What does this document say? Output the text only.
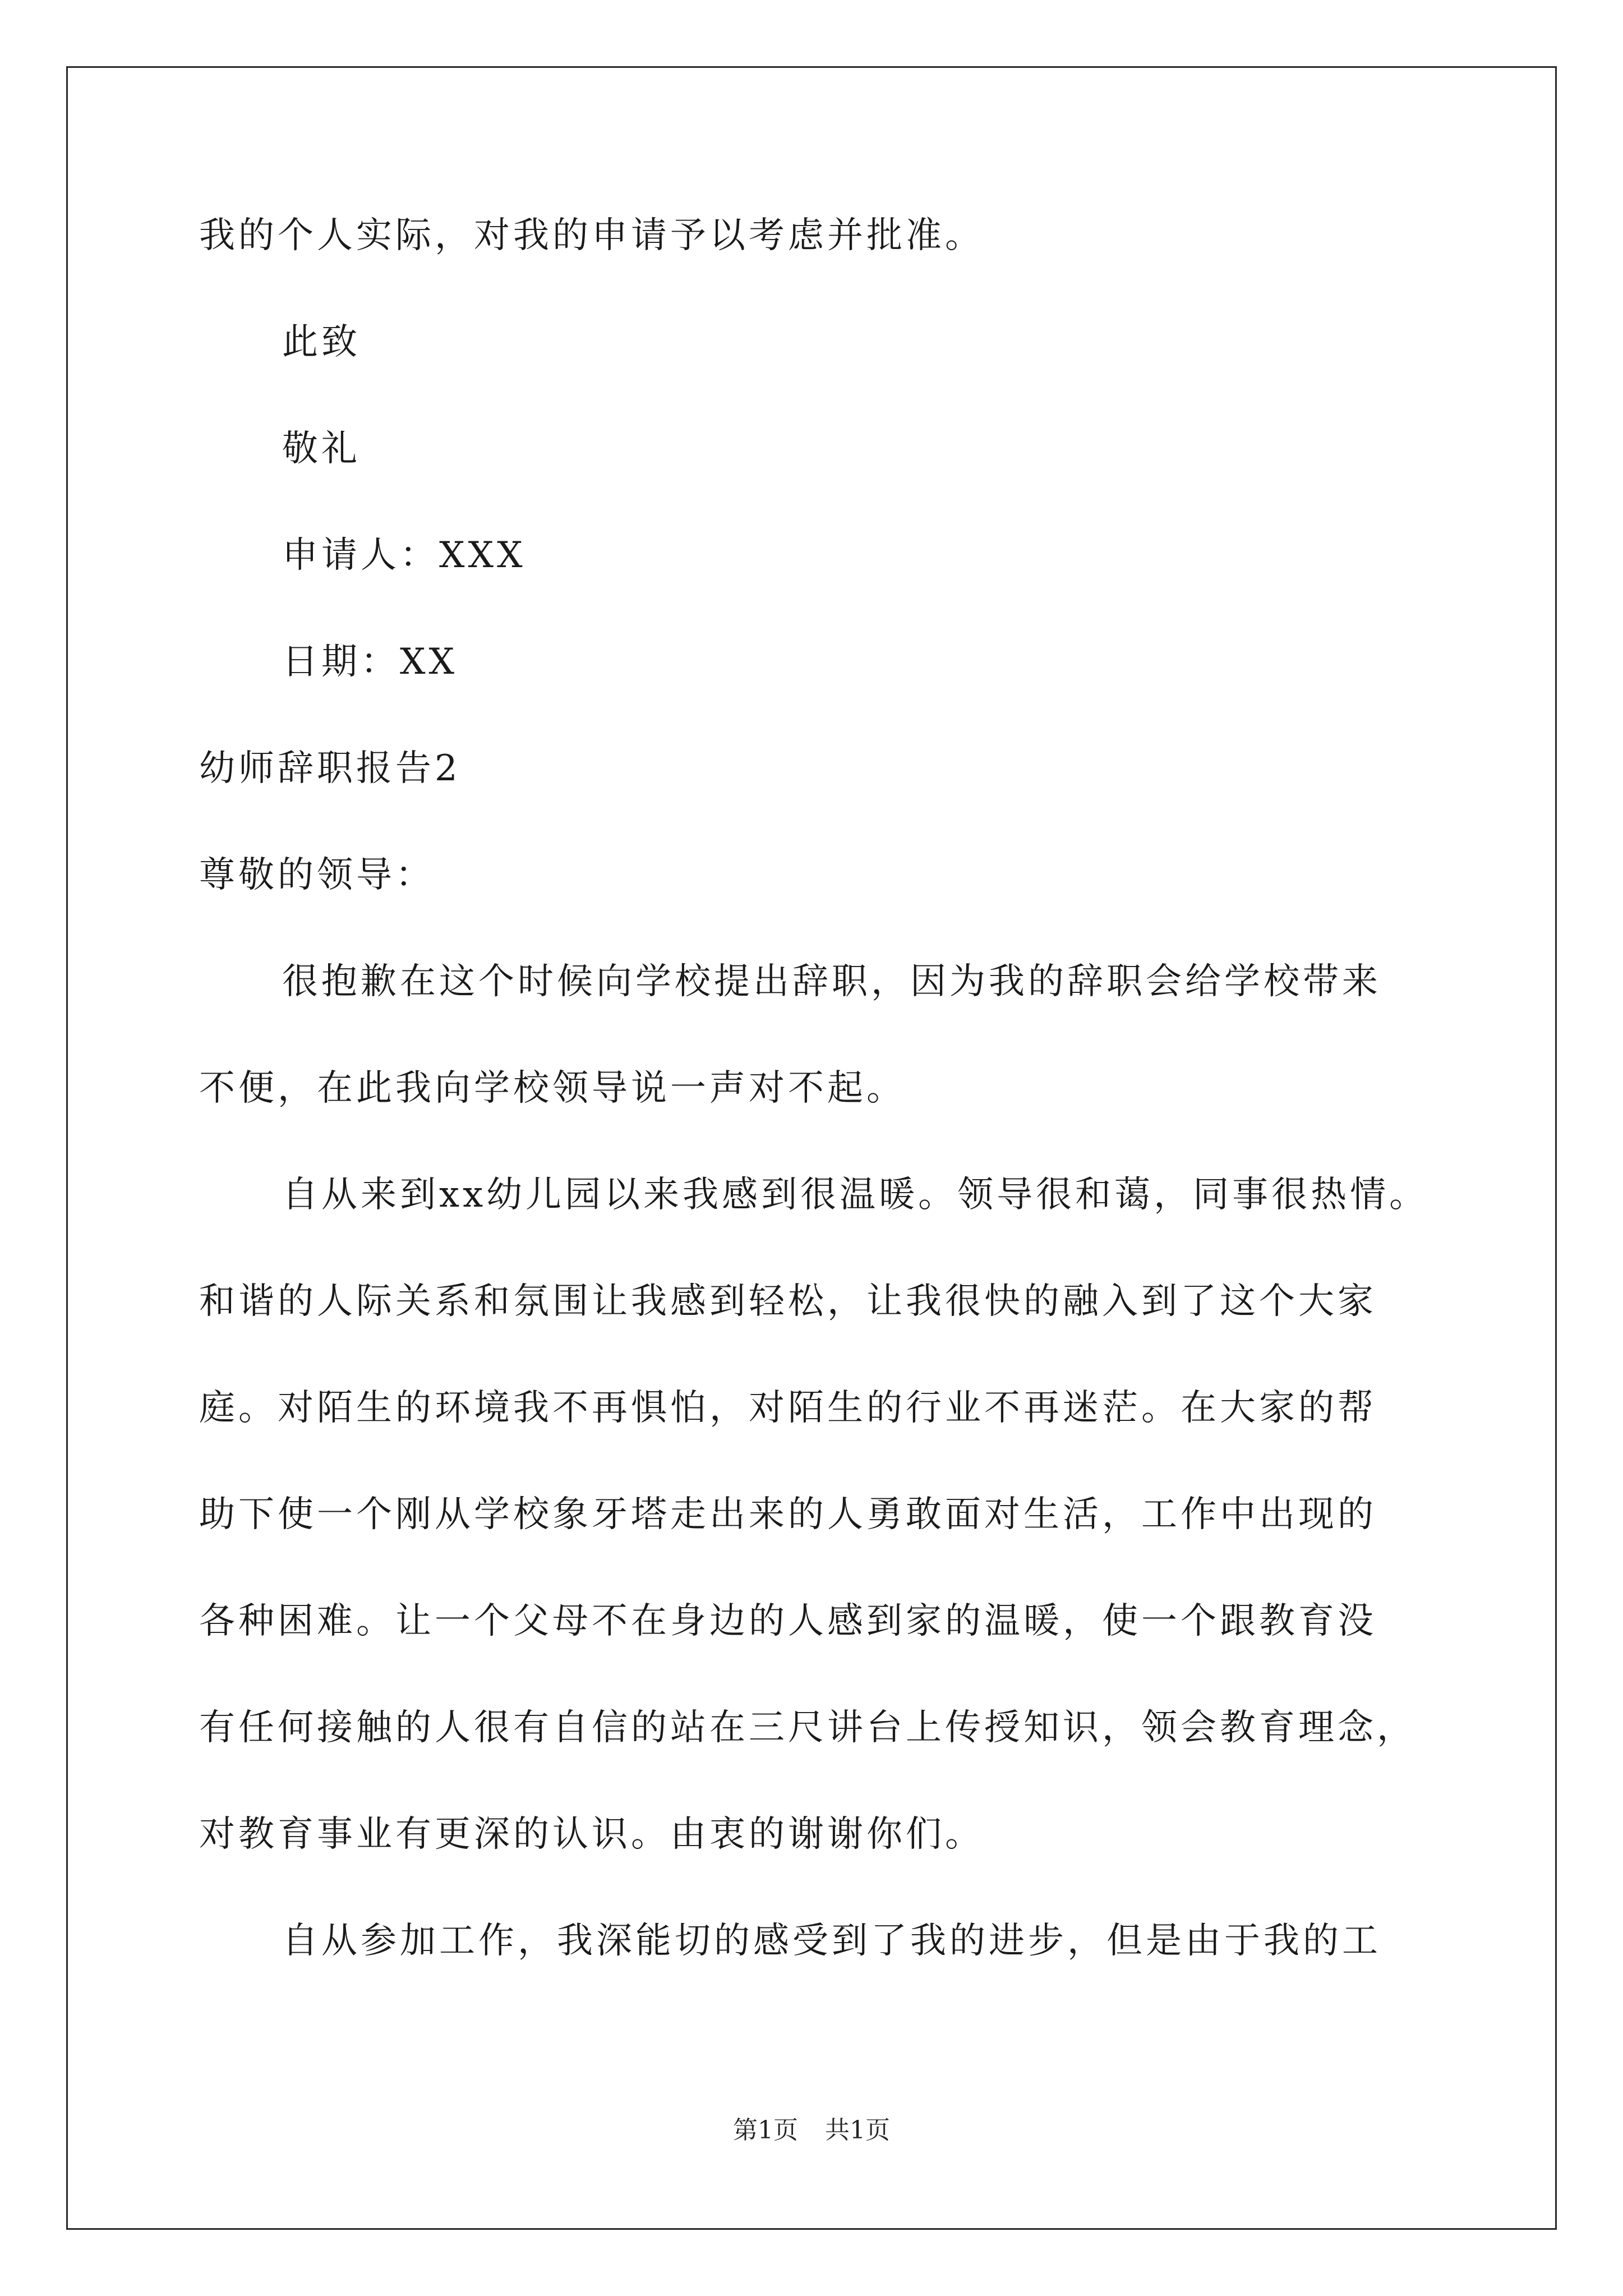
我的个人实际，对我的申请予以考虑并批准。
此致
敬礼
申请人：XXX
日期：XX
幼师辞职报告2
尊敬的领导：
很抱歉在这个时候向学校提出辞职，因为我的辞职会给学校带来
不便，在此我向学校领导说一声对不起。
自从来到xx幼儿园以来我感到很温暖。领导很和蔼，同事很热情。
和谐的人际关系和氛围让我感到轻松，让我很快的融入到了这个大家
庭。对陌生的环境我不再惧怕，对陌生的行业不再迷茫。在大家的帮
助下使一个刚从学校象牙塔走出来的人勇敢面对生活，工作中出现的
各种困难。让一个父母不在身边的人感到家的温暖，使一个跟教育没
有任何接触的人很有自信的站在三尺讲台上传授知识，领会教育理念，
对教育事业有更深的认识。由衷的谢谢你们。
自从参加工作，我深能切的感受到了我的进步，但是由于我的工
第1页 共1页
